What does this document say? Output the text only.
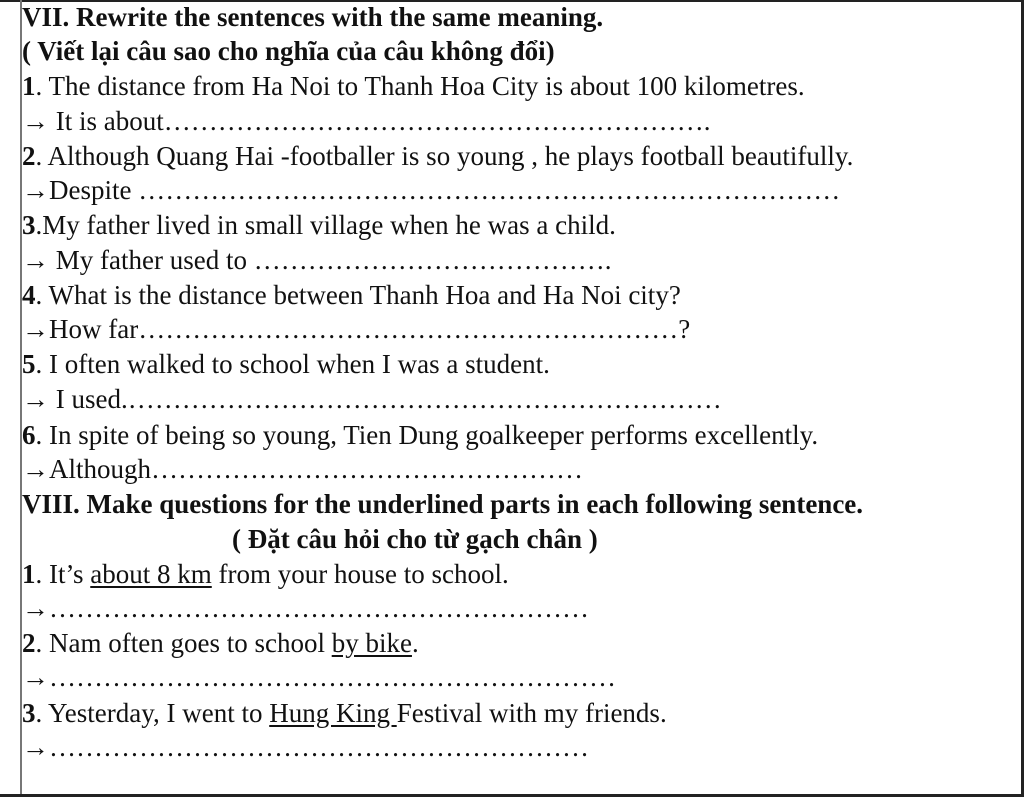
VII. Rewrite the sentences with the same meaning.
( Viết lại câu sao cho nghĩa của câu không đổi)
1. The distance from Ha Noi to Thanh Hoa City is about 100 kilometres.
→ It is about…………………………………………………….
2. Although Quang Hai -footballer is so young , he plays football beautifully.
→Despite ……………………………………………………………………
3.My father lived in small village when he was a child.
→ My father used to ………………………………….
4. What is the distance between Thanh Hoa and Ha Noi city?
→How far……………………………………………………?
5. I often walked to school when I was a student.
→ I used.…………………………………………………………
6. In spite of being so young, Tien Dung goalkeeper performs excellently.
→Although…………………………………………
VIII. Make questions for the underlined parts in each following sentence.
( Đặt câu hỏi cho từ gạch chân )
1. It’s about 8 km from your house to school.
→……………………………………………………
2. Nam often goes to school by bike.
→………………………………………………………
3. Yesterday, I went to Hung King Festival with my friends.
→……………………………………………………
